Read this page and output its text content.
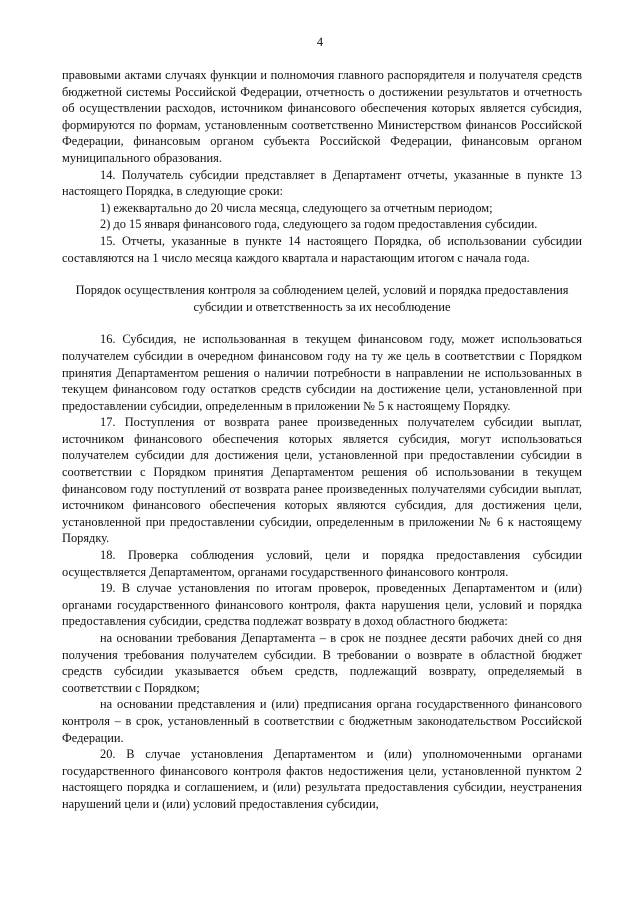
4

правовыми актами случаях функции и полномочия главного распорядителя и получателя средств бюджетной системы Российской Федерации, отчетность о достижении результатов и отчетность об осуществлении расходов, источником финансового обеспечения которых является субсидия, формируются по формам, установленным соответственно Министерством финансов Российской Федерации, финансовым органом субъекта Российской Федерации, финансовым органом муниципального образования.

14. Получатель субсидии представляет в Департамент отчеты, указанные в пункте 13 настоящего Порядка, в следующие сроки:

1) ежеквартально до 20 числа месяца, следующего за отчетным периодом;

2) до 15 января финансового года, следующего за годом предоставления субсидии.

15. Отчеты, указанные в пункте 14 настоящего Порядка, об использовании субсидии составляются на 1 число месяца каждого квартала и нарастающим итогом с начала года.

Порядок осуществления контроля за соблюдением целей, условий и порядка предоставления субсидии и ответственность за их несоблюдение

16. Субсидия, не использованная в текущем финансовом году, может использоваться получателем субсидии в очередном финансовом году на ту же цель в соответствии с Порядком принятия Департаментом решения о наличии потребности в направлении не использованных в текущем финансовом году остатков средств субсидии на достижение цели, установленной при предоставлении субсидии, определенным в приложении № 5 к настоящему Порядку.

17. Поступления от возврата ранее произведенных получателем субсидии выплат, источником финансового обеспечения которых является субсидия, могут использоваться получателем субсидии для достижения цели, установленной при предоставлении субсидии в соответствии с Порядком принятия Департаментом решения об использовании в текущем финансовом году поступлений от возврата ранее произведенных получателями субсидии выплат, источником финансового обеспечения которых являются субсидия, для достижения цели, установленной при предоставлении субсидии, определенным в приложении № 6 к настоящему Порядку.

18. Проверка соблюдения условий, цели и порядка предоставления субсидии осуществляется Департаментом, органами государственного финансового контроля.

19. В случае установления по итогам проверок, проведенных Департаментом и (или) органами государственного финансового контроля, факта нарушения цели, условий и порядка предоставления субсидии, средства подлежат возврату в доход областного бюджета:

на основании требования Департамента – в срок не позднее десяти рабочих дней со дня получения требования получателем субсидии. В требовании о возврате в областной бюджет средств субсидии указывается объем средств, подлежащий возврату, определяемый в соответствии с Порядком;

на основании представления и (или) предписания органа государственного финансового контроля – в срок, установленный в соответствии с бюджетным законодательством Российской Федерации.

20. В случае установления Департаментом и (или) уполномоченными органами государственного финансового контроля фактов недостижения цели, установленной пунктом 2 настоящего порядка и соглашением, и (или) результата предоставления субсидии, неустранения нарушений цели и (или) условий предоставления субсидии,
